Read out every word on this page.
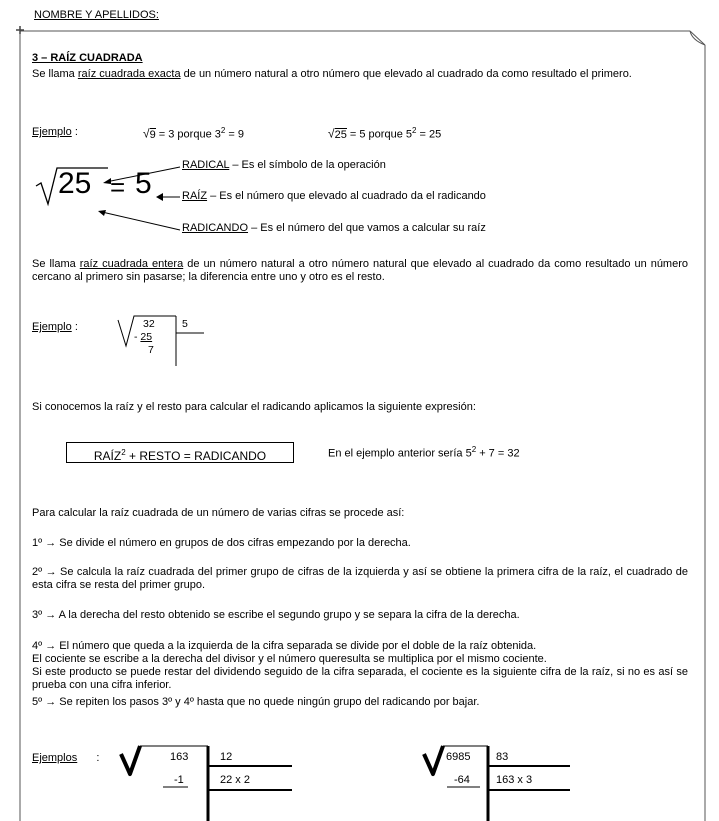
NOMBRE Y APELLIDOS:
3 – RAÍZ CUADRADA

Se llama raíz cuadrada exacta de un número natural a otro número que elevado al cuadrado da como resultado el primero.

Ejemplo :	√9 = 3 porque $3^2 = 9$	√25 = 5 porque $5^2 = 25$
25 = 5
RADICAL – Es el símbolo de la operación
RAÍZ – Es el número que elevado al cuadrado da el radicando
RADICANDO – Es el número del que vamos a calcular su raíz

Se llama raíz cuadrada entera de un número natural a otro número natural que elevado al cuadrado da como resultado un número cercano al primero sin pasarse; la diferencia entre uno y otro es el resto.

Ejemplo :	32	5
- 25
7

Si conocemos la raíz y el resto para calcular el radicando aplicamos la siguiente expresión:

$RAÍZ^2$ + RESTO = RADICANDO	En el ejemplo anterior sería $5^2 + 7 = 32$

Para calcular la raíz cuadrada de un número de varias cifras se procede así:

1º → Se divide el número en grupos de dos cifras empezando por la derecha.

2º → Se calcula la raíz cuadrada del primer grupo de cifras de la izquierda y así se obtiene la primera cifra de la raíz, el cuadrado de esta cifra se resta del primer grupo.

3º → A la derecha del resto obtenido se escribe el segundo grupo y se separa la cifra de la derecha.

4º → El número que queda a la izquierda de la cifra separada se divide por el doble de la raíz obtenida.

El cociente se escribe a la derecha del divisor y el número queresulta se multiplica por el mismo cociente.

Si este producto se puede restar del dividendo seguido de la cifra separada, el cociente es la siguiente cifra de la raíz, si no es así se prueba con una cifra inferior.

5º → Se repiten los pasos 3º y 4º hasta que no quede ningún grupo del radicando por bajar.

Ejemplos :	163	12
-1	22 x 2
6985 83
-64 163 x 3
